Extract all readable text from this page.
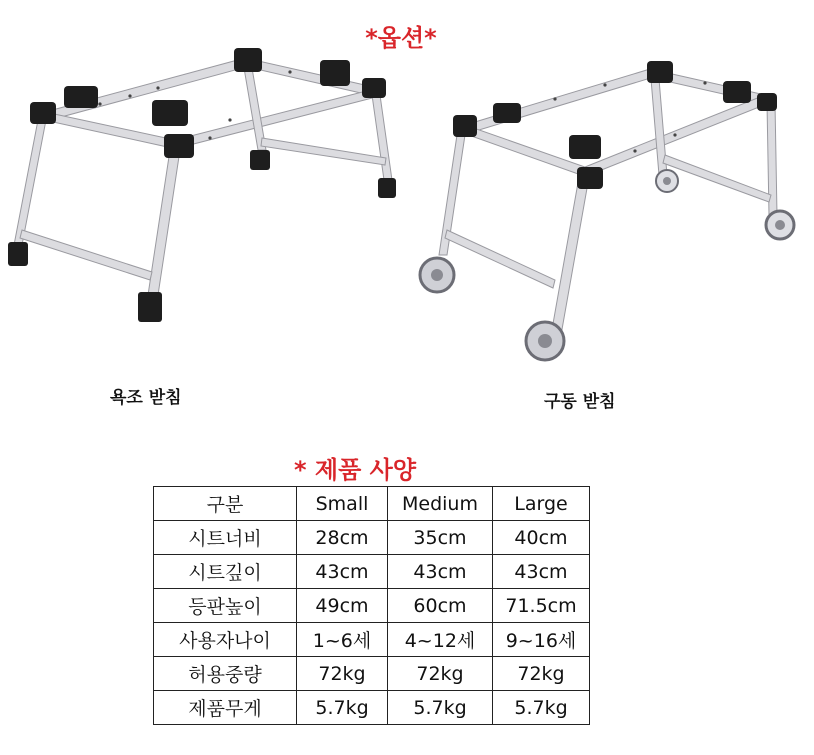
*옵션*
욕조 받침	구동 받침
* 제품 사양
구분	Small	Medium	Large
시트너비	28cm	35cm	40cm
시트깊이	43cm	43cm	43cm
등판높이	49cm	60cm	71.5cm
사용자나이	1~6세	4~12세	9~16세
허용중량	72kg	72kg	72kg
제품무게	5.7kg	5.7kg	5.7kg
